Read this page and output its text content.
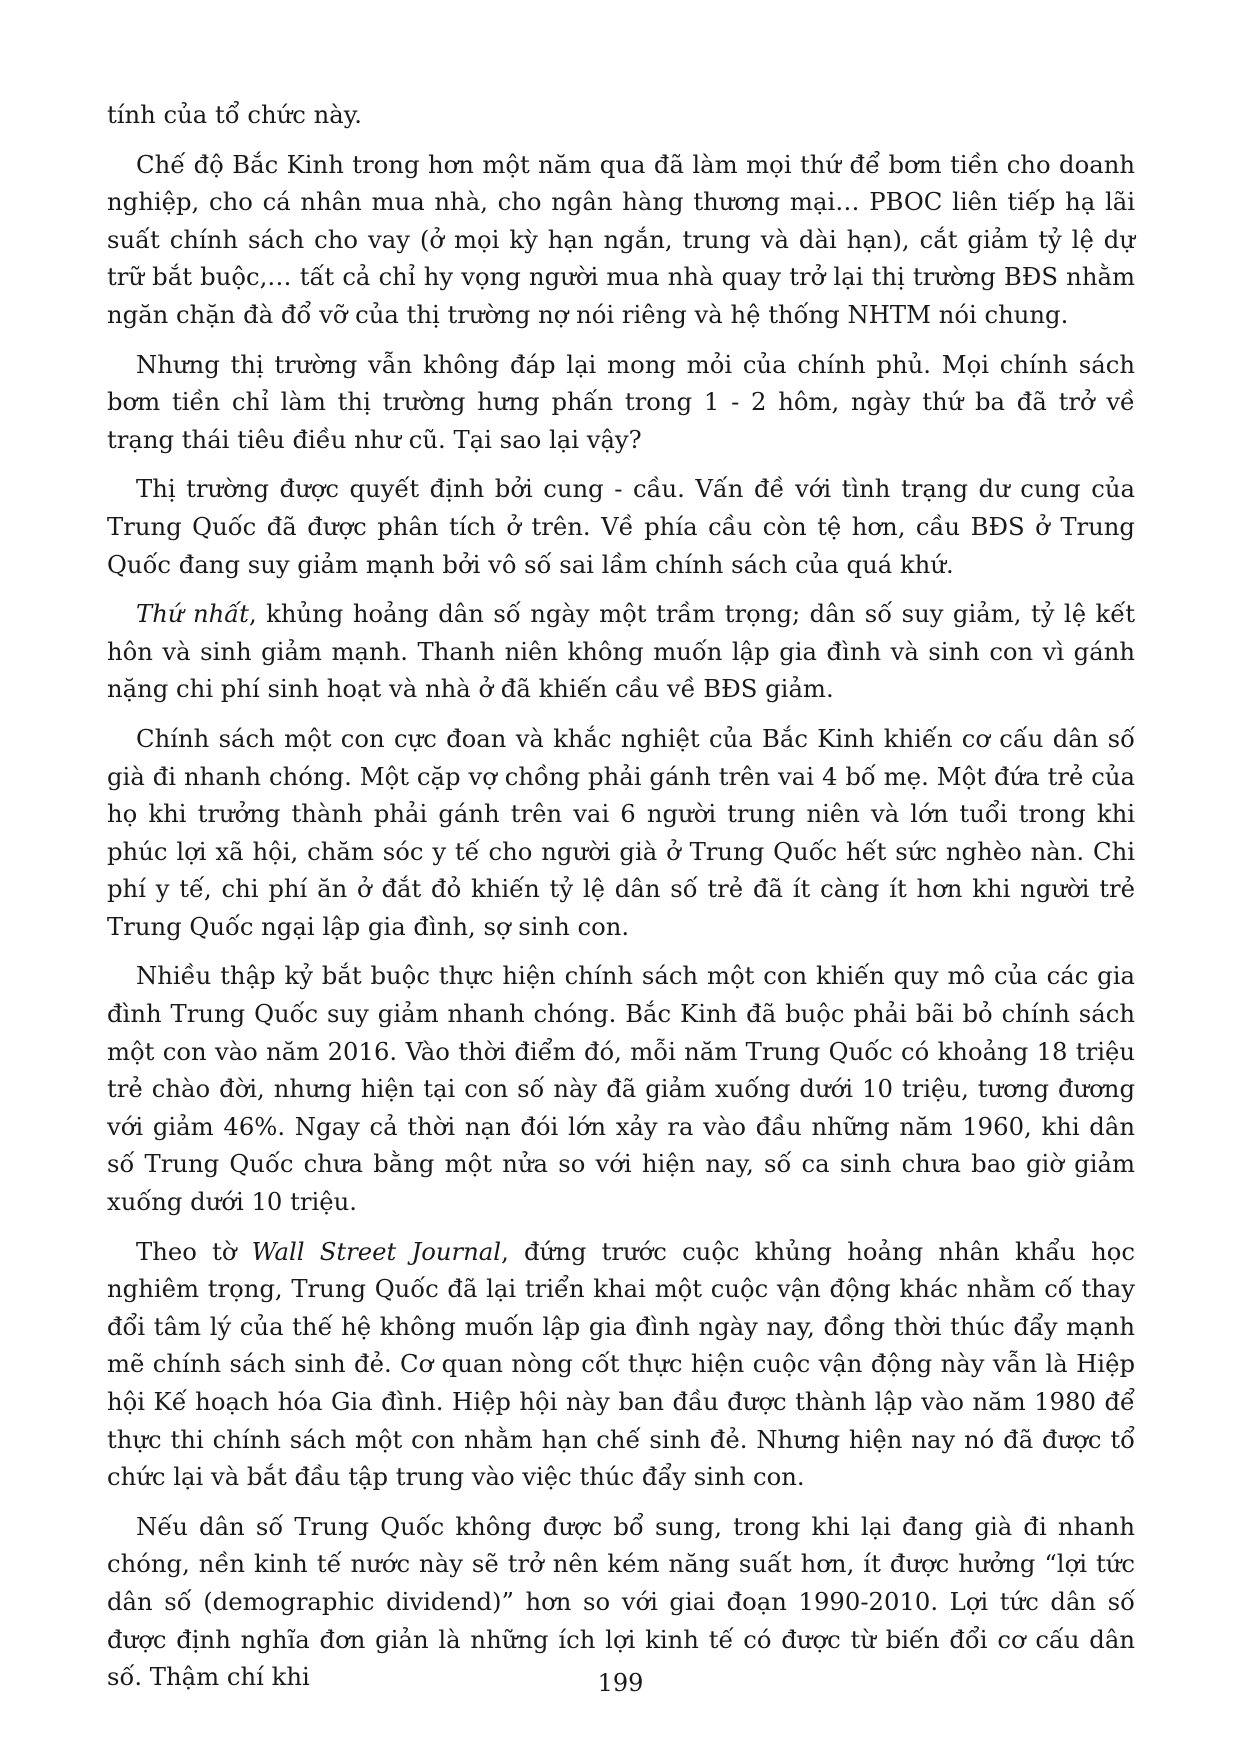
tính của tổ chức này.

Chế độ Bắc Kinh trong hơn một năm qua đã làm mọi thứ để bơm tiền cho doanh nghiệp, cho cá nhân mua nhà, cho ngân hàng thương mại… PBOC liên tiếp hạ lãi suất chính sách cho vay (ở mọi kỳ hạn ngắn, trung và dài hạn), cắt giảm tỷ lệ dự trữ bắt buộc,… tất cả chỉ hy vọng người mua nhà quay trở lại thị trường BĐS nhằm ngăn chặn đà đổ vỡ của thị trường nợ nói riêng và hệ thống NHTM nói chung.

Nhưng thị trường vẫn không đáp lại mong mỏi của chính phủ. Mọi chính sách bơm tiền chỉ làm thị trường hưng phấn trong 1 - 2 hôm, ngày thứ ba đã trở về trạng thái tiêu điều như cũ. Tại sao lại vậy?

Thị trường được quyết định bởi cung - cầu. Vấn đề với tình trạng dư cung của Trung Quốc đã được phân tích ở trên. Về phía cầu còn tệ hơn, cầu BĐS ở Trung Quốc đang suy giảm mạnh bởi vô số sai lầm chính sách của quá khứ.

Thứ nhất, khủng hoảng dân số ngày một trầm trọng; dân số suy giảm, tỷ lệ kết hôn và sinh giảm mạnh. Thanh niên không muốn lập gia đình và sinh con vì gánh nặng chi phí sinh hoạt và nhà ở đã khiến cầu về BĐS giảm.

Chính sách một con cực đoan và khắc nghiệt của Bắc Kinh khiến cơ cấu dân số già đi nhanh chóng. Một cặp vợ chồng phải gánh trên vai 4 bố mẹ. Một đứa trẻ của họ khi trưởng thành phải gánh trên vai 6 người trung niên và lớn tuổi trong khi phúc lợi xã hội, chăm sóc y tế cho người già ở Trung Quốc hết sức nghèo nàn. Chi phí y tế, chi phí ăn ở đắt đỏ khiến tỷ lệ dân số trẻ đã ít càng ít hơn khi người trẻ Trung Quốc ngại lập gia đình, sợ sinh con.

Nhiều thập kỷ bắt buộc thực hiện chính sách một con khiến quy mô của các gia đình Trung Quốc suy giảm nhanh chóng. Bắc Kinh đã buộc phải bãi bỏ chính sách một con vào năm 2016. Vào thời điểm đó, mỗi năm Trung Quốc có khoảng 18 triệu trẻ chào đời, nhưng hiện tại con số này đã giảm xuống dưới 10 triệu, tương đương với giảm 46%. Ngay cả thời nạn đói lớn xảy ra vào đầu những năm 1960, khi dân số Trung Quốc chưa bằng một nửa so với hiện nay, số ca sinh chưa bao giờ giảm xuống dưới 10 triệu.

Theo tờ Wall Street Journal, đứng trước cuộc khủng hoảng nhân khẩu học nghiêm trọng, Trung Quốc đã lại triển khai một cuộc vận động khác nhằm cố thay đổi tâm lý của thế hệ không muốn lập gia đình ngày nay, đồng thời thúc đẩy mạnh mẽ chính sách sinh đẻ. Cơ quan nòng cốt thực hiện cuộc vận động này vẫn là Hiệp hội Kế hoạch hóa Gia đình. Hiệp hội này ban đầu được thành lập vào năm 1980 để thực thi chính sách một con nhằm hạn chế sinh đẻ. Nhưng hiện nay nó đã được tổ chức lại và bắt đầu tập trung vào việc thúc đẩy sinh con.

Nếu dân số Trung Quốc không được bổ sung, trong khi lại đang già đi nhanh chóng, nền kinh tế nước này sẽ trở nên kém năng suất hơn, ít được hưởng “lợi tức dân số (demographic dividend)” hơn so với giai đoạn 1990-2010. Lợi tức dân số được định nghĩa đơn giản là những ích lợi kinh tế có được từ biến đổi cơ cấu dân số. Thậm chí khi	199
